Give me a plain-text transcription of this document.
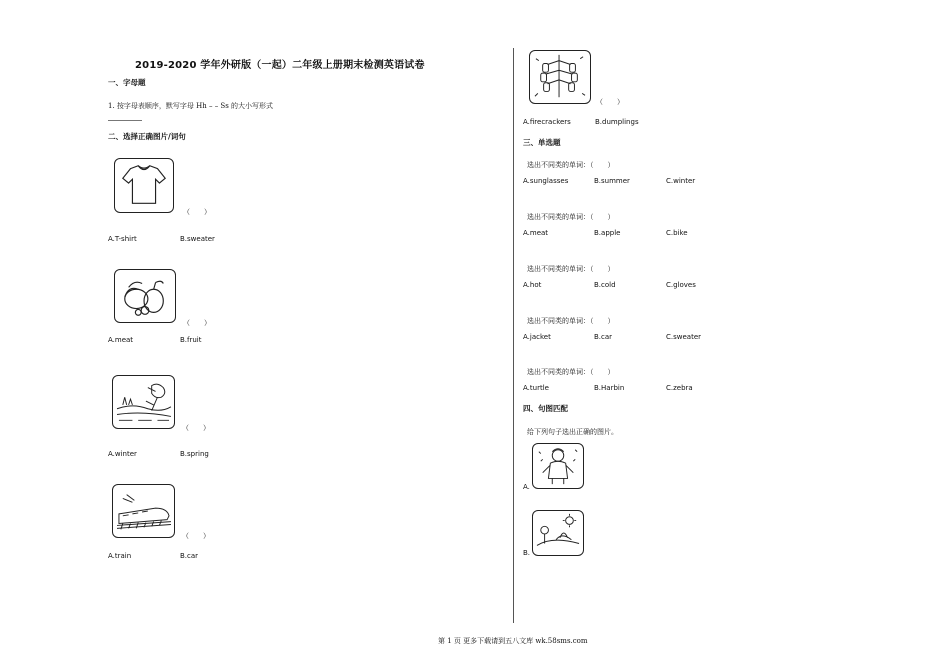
2019-2020 学年外研版（一起）二年级上册期末检测英语试卷
一、字母题
1. 按字母表顺序，默写字母 Hh – – Ss 的大小写形式
二、选择正确图片/词句
（　　）
A.T-shirt	B.sweater
（　　）
A.meat	B.fruit
（　　）
A.winter	B.spring
（　　）
A.train	B.car
（　　）
A.firecrackers	B.dumplings
三、单选题
选出不同类的单词：（　　）
A.sunglasses	B.summer	C.winter
选出不同类的单词：（　　）
A.meat	B.apple	C.bike
选出不同类的单词：（　　）
A.hot	B.cold	C.gloves
选出不同类的单词：（　　）
A.jacket	B.car	C.sweater
选出不同类的单词：（　　）
A.turtle	B.Harbin	C.zebra
四、句图匹配
给下列句子选出正确的图片。
A.
B.
第 1 页 更多下载请到五八文库 wk.58sms.com
